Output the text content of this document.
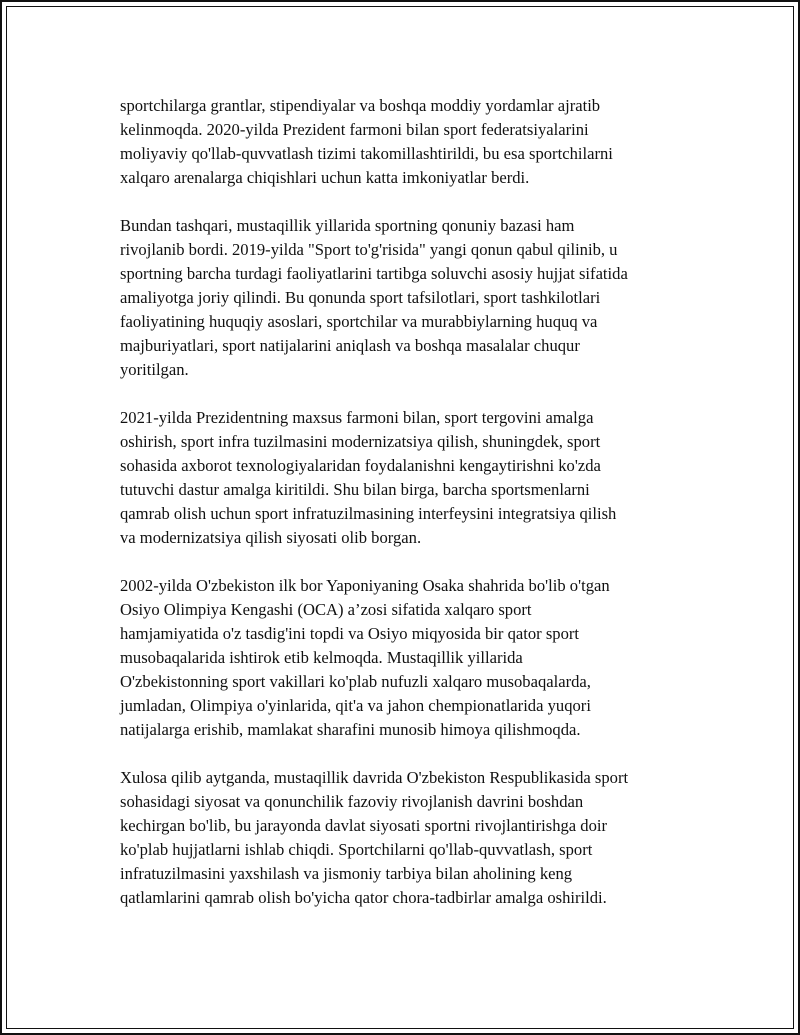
sportchilarga grantlar, stipendiyalar va boshqa moddiy yordamlar ajratib
kelinmoqda. 2020-yilda Prezident farmoni bilan sport federatsiyalarini
moliyaviy qo'llab-quvvatlash tizimi takomillashtirildi, bu esa sportchilarni
xalqaro arenalarga chiqishlari uchun katta imkoniyatlar berdi.

Bundan tashqari, mustaqillik yillarida sportning qonuniy bazasi ham
rivojlanib bordi. 2019-yilda "Sport to'g'risida" yangi qonun qabul qilinib, u
sportning barcha turdagi faoliyatlarini tartibga soluvchi asosiy hujjat sifatida
amaliyotga joriy qilindi. Bu qonunda sport tafsilotlari, sport tashkilotlari
faoliyatining huquqiy asoslari, sportchilar va murabbiylarning huquq va
majburiyatlari, sport natijalarini aniqlash va boshqa masalalar chuqur
yoritilgan.

2021-yilda Prezidentning maxsus farmoni bilan, sport tergovini amalga
oshirish, sport infra tuzilmasini modernizatsiya qilish, shuningdek, sport
sohasida axborot texnologiyalaridan foydalanishni kengaytirishni ko'zda
tutuvchi dastur amalga kiritildi. Shu bilan birga, barcha sportsmenlarni
qamrab olish uchun sport infratuzilmasining interfeysini integratsiya qilish
va modernizatsiya qilish siyosati olib borgan.

2002-yilda O'zbekiston ilk bor Yaponiyaning Osaka shahrida bo'lib o'tgan
Osiyo Olimpiya Kengashi (OCA) a’zosi sifatida xalqaro sport
hamjamiyatida o'z tasdig'ini topdi va Osiyo miqyosida bir qator sport
musobaqalarida ishtirok etib kelmoqda. Mustaqillik yillarida
O'zbekistonning sport vakillari ko'plab nufuzli xalqaro musobaqalarda,
jumladan, Olimpiya o'yinlarida, qit'a va jahon chempionatlarida yuqori
natijalarga erishib, mamlakat sharafini munosib himoya qilishmoqda.

Xulosa qilib aytganda, mustaqillik davrida O'zbekiston Respublikasida sport
sohasidagi siyosat va qonunchilik fazoviy rivojlanish davrini boshdan
kechirgan bo'lib, bu jarayonda davlat siyosati sportni rivojlantirishga doir
ko'plab hujjatlarni ishlab chiqdi. Sportchilarni qo'llab-quvvatlash, sport
infratuzilmasini yaxshilash va jismoniy tarbiya bilan aholining keng
qatlamlarini qamrab olish bo'yicha qator chora-tadbirlar amalga oshirildi.
